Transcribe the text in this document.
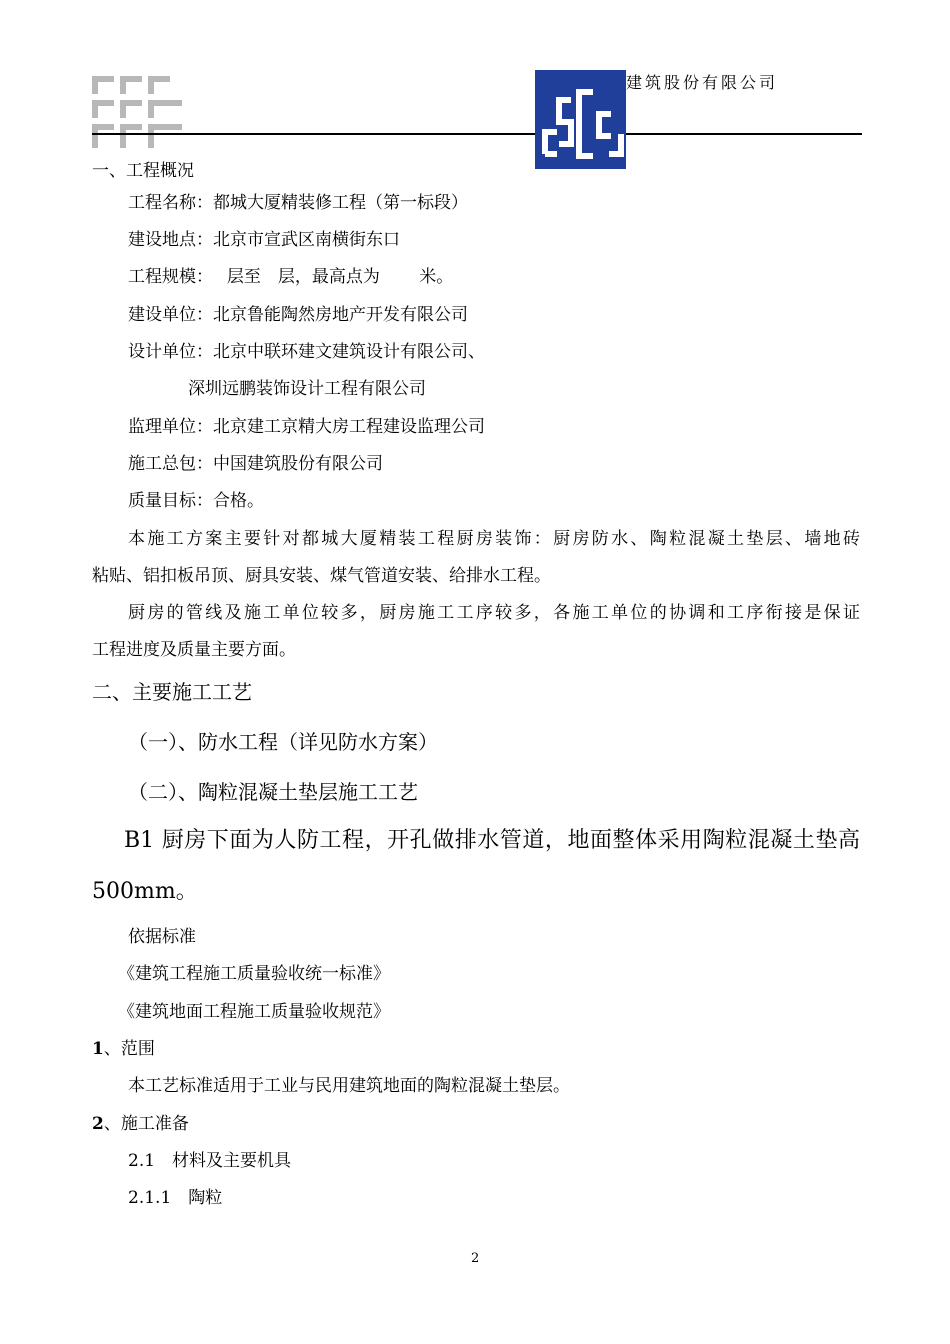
建筑股份有限公司
一、工程概况
工程名称：都城大厦精装修工程（第一标段）
建设地点：北京市宣武区南横街东口
工程规模：　 层至　层，最高点为　　 米。
建设单位：北京鲁能陶然房地产开发有限公司
设计单位：北京中联环建文建筑设计有限公司、
深圳远鹏装饰设计工程有限公司
监理单位：北京建工京精大房工程建设监理公司
施工总包：中国建筑股份有限公司
质量目标：合格。
本施工方案主要针对都城大厦精装工程厨房装饰：厨房防水、陶粒混凝土垫层、墙地砖
粘贴、铝扣板吊顶、厨具安装、煤气管道安装、给排水工程。
厨房的管线及施工单位较多，厨房施工工序较多，各施工单位的协调和工序衔接是保证
工程进度及质量主要方面。
二、主要施工工艺
（一）、防水工程（详见防水方案）
（二）、陶粒混凝土垫层施工工艺
B1 厨房下面为人防工程，开孔做排水管道，地面整体采用陶粒混凝土垫高
500mm。
依据标准
《建筑工程施工质量验收统一标准》
《建筑地面工程施工质量验收规范》
1、范围
本工艺标准适用于工业与民用建筑地面的陶粒混凝土垫层。
2、施工准备
2.1　材料及主要机具
2.1.1　陶粒
2
